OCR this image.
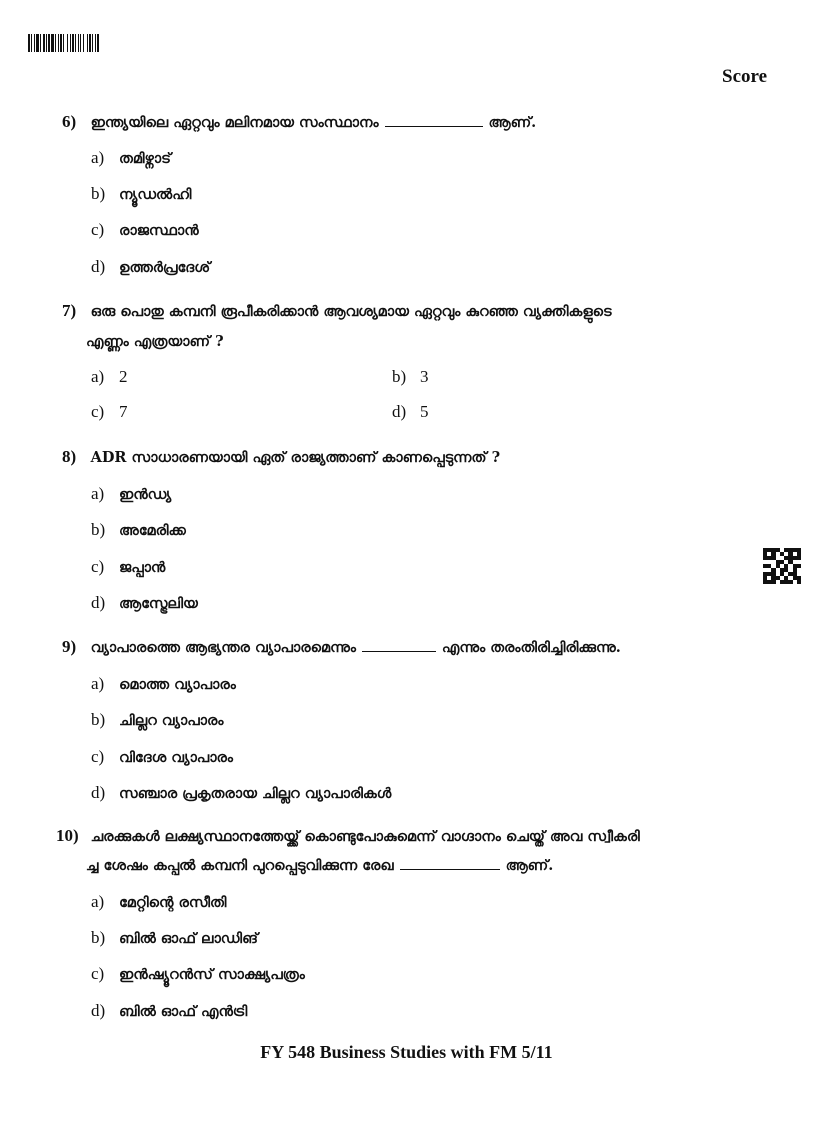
Score
6) ഇന്ത്യയിലെ ഏറ്റവും മലിനമായ സംസ്ഥാനം	ആണ്.
a) തമിഴ്നാട്
b) ന്യൂഡൽഹി
c) രാജസ്ഥാൻ
d) ഉത്തർപ്രദേശ്
7) ഒരു പൊതു കമ്പനി രൂപീകരിക്കാൻ ആവശ്യമായ ഏറ്റവും കുറഞ്ഞ വ്യക്തികളുടെ
എണ്ണം എത്രയാണ് ?
a) 2	b) 3
c) 7	d) 5
8) ADR സാധാരണയായി ഏത് രാജ്യത്താണ് കാണപ്പെടുന്നത് ?
a) ഇൻഡ്യ
b) അമേരിക്ക
c) ജപ്പാൻ
d) ആസ്ട്രേലിയ
9) വ്യാപാരത്തെ ആഭ്യന്തര വ്യാപാരമെന്നും	എന്നും തരംതിരിച്ചിരിക്കുന്നു.
a) മൊത്ത വ്യാപാരം
b) ചില്ലറ വ്യാപാരം
c) വിദേശ വ്യാപാരം
d) സഞ്ചാര പ്രകൃതരായ ചില്ലറ വ്യാപാരികൾ
10) ചരക്കുകൾ ലക്ഷ്യസ്ഥാനത്തേയ്ക്ക് കൊണ്ടുപോകുമെന്ന് വാഗ്ദാനം ചെയ്ത് അവ സ്വീകരി
ച്ച ശേഷം കപ്പൽ കമ്പനി പുറപ്പെടുവിക്കുന്ന രേഖ	ആണ്.
a) മേറ്റിന്റെ രസീതി
b) ബിൽ ഓഫ് ലാഡിങ്
c) ഇൻഷ്യൂറൻസ് സാക്ഷ്യപത്രം
d) ബിൽ ഓഫ് എൻട്രി
FY 548 Business Studies with FM 5/11
